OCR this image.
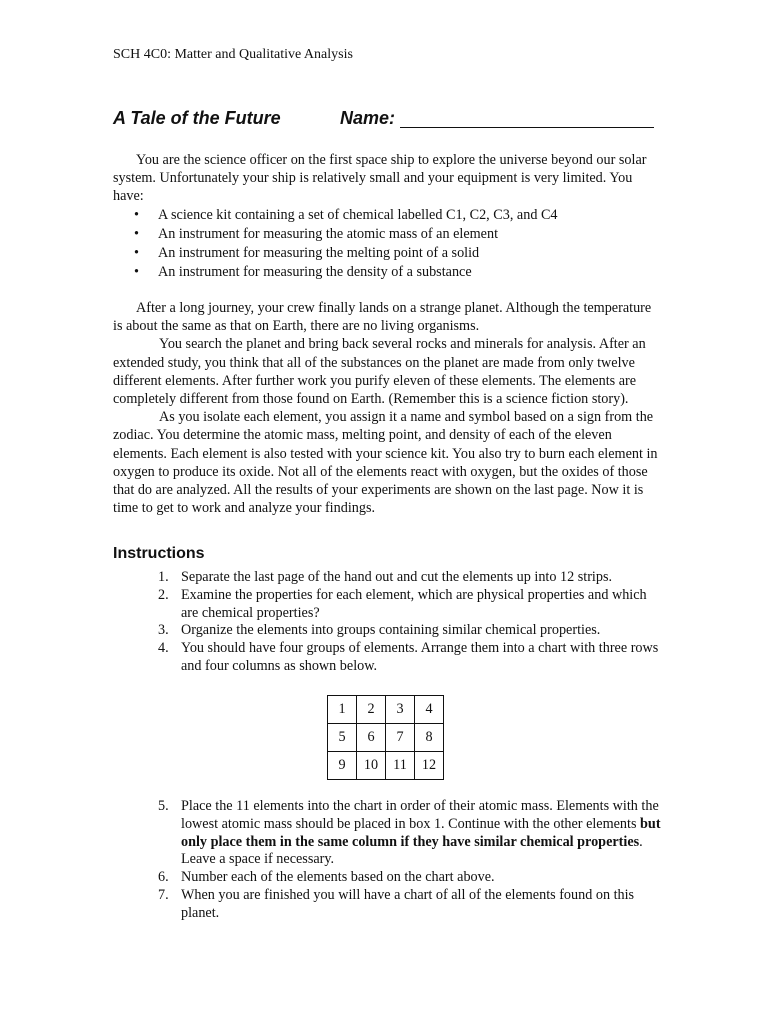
SCH 4C0: Matter and Qualitative Analysis
A Tale of the Future	Name:

You are the science officer on the first space ship to explore the universe beyond our solar system. Unfortunately your ship is relatively small and your equipment is very limited. You have:

• A science kit containing a set of chemical labelled C1, C2, C3, and C4
• An instrument for measuring the atomic mass of an element
• An instrument for measuring the melting point of a solid
• An instrument for measuring the density of a substance

After a long journey, your crew finally lands on a strange planet. Although the temperature is about the same as that on Earth, there are no living organisms.

You search the planet and bring back several rocks and minerals for analysis. After an extended study, you think that all of the substances on the planet are made from only twelve different elements. After further work you purify eleven of these elements. The elements are completely different from those found on Earth. (Remember this is a science fiction story).

As you isolate each element, you assign it a name and symbol based on a sign from the zodiac. You determine the atomic mass, melting point, and density of each of the eleven elements. Each element is also tested with your science kit. You also try to burn each element in oxygen to produce its oxide. Not all of the elements react with oxygen, but the oxides of those that do are analyzed. All the results of your experiments are shown on the last page. Now it is time to get to work and analyze your findings.

Instructions
1. Separate the last page of the hand out and cut the elements up into 12 strips.
2. Examine the properties for each element, which are physical properties and which are chemical properties?
3. Organize the elements into groups containing similar chemical properties.
4. You should have four groups of elements. Arrange them into a chart with three rows and four columns as shown below.
1	2	3	4
5	6	7	8
9	10	11	12
5. Place the 11 elements into the chart in order of their atomic mass. Elements with the lowest atomic mass should be placed in box 1. Continue with the other elements but only place them in the same column if they have similar chemical properties. Leave a space if necessary.
6. Number each of the elements based on the chart above.
7. When you are finished you will have a chart of all of the elements found on this planet.
